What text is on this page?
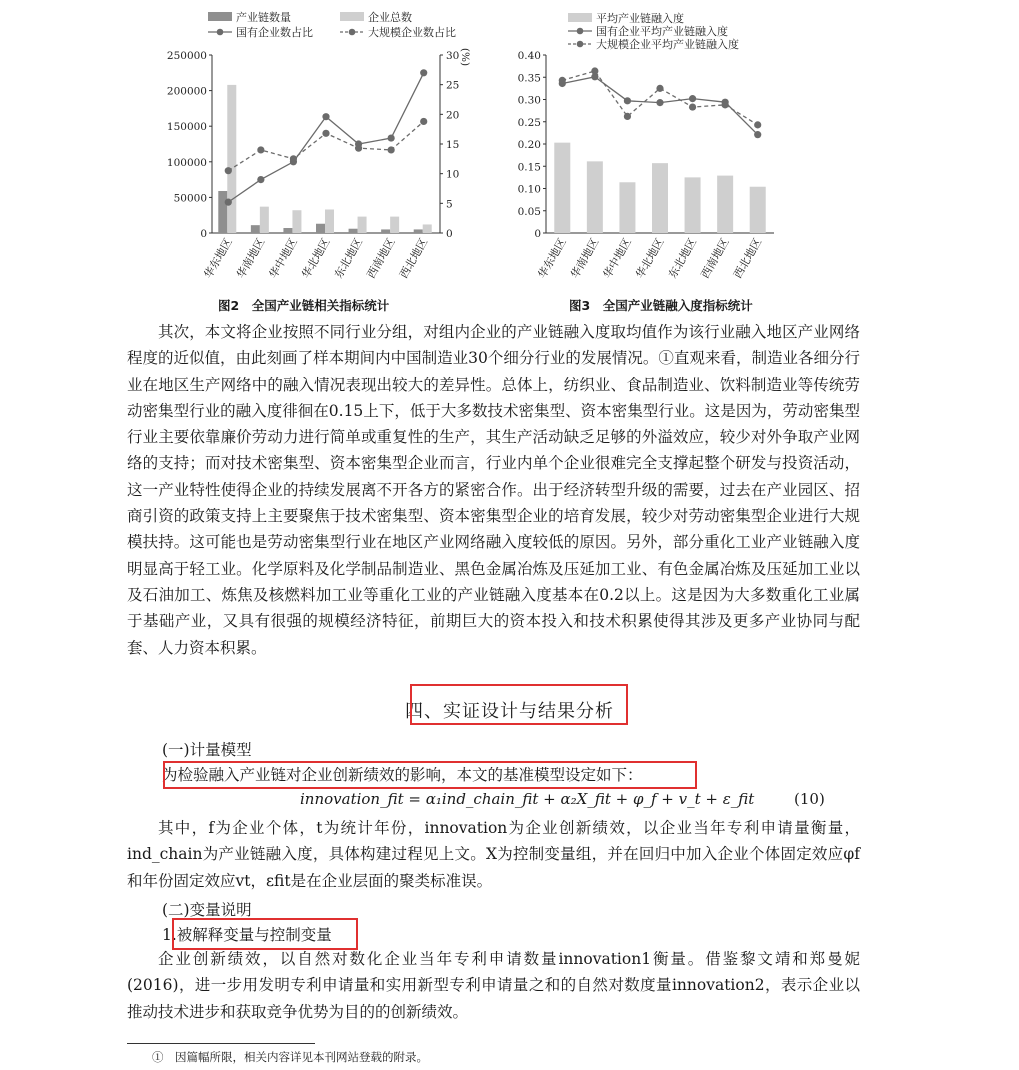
产业链数量	企业总数
国有企业数占比	大规模企业数占比
0
50000
100000
150000
200000
250000
0
5
10
15
20
25
30 (%)
华东地区 华南地区 华中地区 华北地区 东北地区 西南地区 西北地区
图2　全国产业链相关指标统计
平均产业链融入度
国有企业平均产业链融入度
大规模企业平均产业链融入度
0
0.05
0.10
0.15
0.20
0.25
0.30
0.35
0.40
华东地区 华南地区 华中地区 华北地区 东北地区 西南地区 西北地区
图3　全国产业链融入度指标统计

其次，本文将企业按照不同行业分组，对组内企业的产业链融入度取均值作为该行业融入地区产业网络程度的近似值，由此刻画了样本期间内中国制造业30个细分行业的发展情况。①直观来看，制造业各细分行业在地区生产网络中的融入情况表现出较大的差异性。总体上，纺织业、食品制造业、饮料制造业等传统劳动密集型行业的融入度徘徊在0.15上下，低于大多数技术密集型、资本密集型行业。这是因为，劳动密集型行业主要依靠廉价劳动力进行简单或重复性的生产，其生产活动缺乏足够的外溢效应，较少对外争取产业网络的支持；而对技术密集型、资本密集型企业而言，行业内单个企业很难完全支撑起整个研发与投资活动，这一产业特性使得企业的持续发展离不开各方的紧密合作。出于经济转型升级的需要，过去在产业园区、招商引资的政策支持上主要聚焦于技术密集型、资本密集型企业的培育发展，较少对劳动密集型企业进行大规模扶持。这可能也是劳动密集型行业在地区产业网络融入度较低的原因。另外，部分重化工业产业链融入度明显高于轻工业。化学原料及化学制品制造业、黑色金属冶炼及压延加工业、有色金属冶炼及压延加工业以及石油加工、炼焦及核燃料加工业等重化工业的产业链融入度基本在0.2以上。这是因为大多数重化工业属于基础产业，又具有很强的规模经济特征，前期巨大的资本投入和技术积累使得其涉及更多产业协同与配套、人力资本积累。

四、实证设计与结果分析

(一)计量模型

为检验融入产业链对企业创新绩效的影响，本文的基准模型设定如下：

innovation_fit = α₁ind_chain_fit + α₂X_fit + φ_f + v_t + ε_fit	(10)

其中，f为企业个体，t为统计年份，innovation为企业创新绩效，以企业当年专利申请量衡量，ind_chain为产业链融入度，具体构建过程见上文。X为控制变量组，并在回归中加入企业个体固定效应φf和年份固定效应vt，εfit是在企业层面的聚类标准误。

(二)变量说明

1.被解释变量与控制变量

企业创新绩效，以自然对数化企业当年专利申请数量innovation1衡量。借鉴黎文靖和郑曼妮(2016)，进一步用发明专利申请量和实用新型专利申请量之和的自然对数度量innovation2，表示企业以推动技术进步和获取竞争优势为目的的创新绩效。

①　因篇幅所限，相关内容详见本刊网站登载的附录。
